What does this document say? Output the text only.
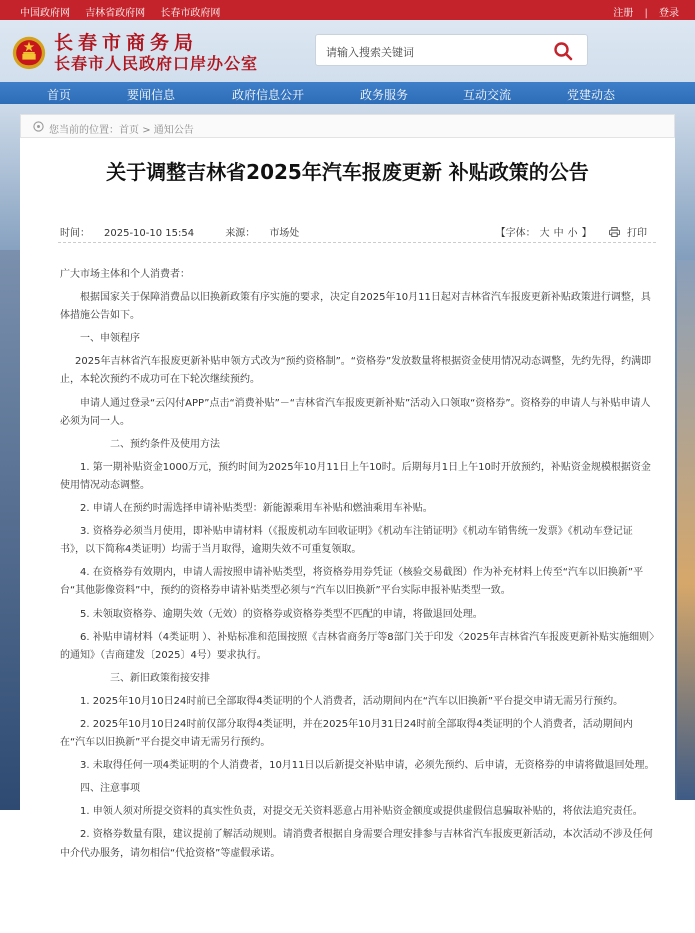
中国政府网 吉林省政府网 长春市政府网	注册 | 登录
长春市商务局
长春市人民政府口岸办公室
请输入搜索关键词
首页	要闻信息	政府信息公开	政务服务	互动交流	党建动态
您当前的位置：首页 > 通知公告
关于调整吉林省2025年汽车报废更新 补贴政策的公告
时间： 2025-10-10 15:54	来源： 市场处	【字体： 大 中 小 】	打印

广大市场主体和个人消费者：

根据国家关于保障消费品以旧换新政策有序实施的要求，决定自2025年10月11日起对吉林省汽车报废更新补贴政策进行调整，具体措施公告如下。

一、申领程序

2025年吉林省汽车报废更新补贴申领方式改为“预约资格制”。“资格券”发放数量将根据资金使用情况动态调整，先约先得，约满即止，本轮次预约不成功可在下轮次继续预约。

申请人通过登录“云闪付APP”点击“消费补贴”－“吉林省汽车报废更新补贴”活动入口领取“资格券”。资格券的申请人与补贴申请人必须为同一人。

二、预约条件及使用方法

1. 第一期补贴资金1000万元，预约时间为2025年10月11日上午10时。后期每月1日上午10时开放预约，补贴资金规模根据资金使用情况动态调整。

2. 申请人在预约时需选择申请补贴类型：新能源乘用车补贴和燃油乘用车补贴。

3. 资格券必须当月使用，即补贴申请材料（《报废机动车回收证明》《机动车注销证明》《机动车销售统一发票》《机动车登记证书》，以下简称4类证明）均需于当月取得，逾期失效不可重复领取。

4. 在资格券有效期内，申请人需按照申请补贴类型，将资格券用券凭证（核验交易截图）作为补充材料上传至“汽车以旧换新”平台“其他影像资料”中，预约的资格券申请补贴类型必须与“汽车以旧换新”平台实际申报补贴类型一致。

5. 未领取资格券、逾期失效（无效）的资格券或资格券类型不匹配的申请，将做退回处理。

6. 补贴申请材料（4类证明 ）、补贴标准和范围按照《吉林省商务厅等8部门关于印发〈2025年吉林省汽车报废更新补贴实施细则〉的通知》（吉商建发〔2025〕4号）要求执行。

三、新旧政策衔接安排

1. 2025年10月10日24时前已全部取得4类证明的个人消费者，活动期间内在“汽车以旧换新”平台提交申请无需另行预约。

2. 2025年10月10日24时前仅部分取得4类证明，并在2025年10月31日24时前全部取得4类证明的个人消费者，活动期间内在“汽车以旧换新”平台提交申请无需另行预约。

3. 未取得任何一项4类证明的个人消费者，10月11日以后新提交补贴申请，必须先预约、后申请，无资格券的申请将做退回处理。

四、注意事项

1. 申领人须对所提交资料的真实性负责，对提交无关资料恶意占用补贴资金额度或提供虚假信息骗取补贴的，将依法追究责任。

2. 资格券数量有限，建议提前了解活动规则。请消费者根据自身需要合理安排参与吉林省汽车报废更新活动，本次活动不涉及任何中介代办服务，请勿相信“代抢资格”等虚假承诺。
